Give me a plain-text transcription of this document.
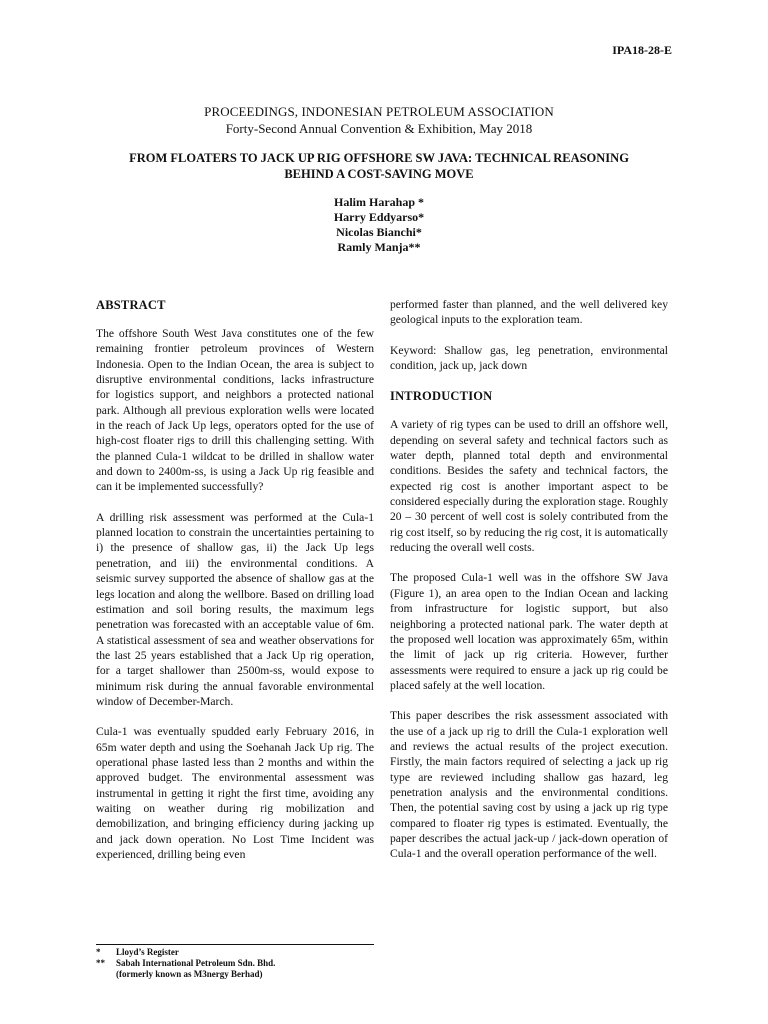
IPA18-28-E
PROCEEDINGS, INDONESIAN PETROLEUM ASSOCIATION
Forty-Second Annual Convention & Exhibition, May 2018
FROM FLOATERS TO JACK UP RIG OFFSHORE SW JAVA: TECHNICAL REASONING
BEHIND A COST-SAVING MOVE
Halim Harahap *
Harry Eddyarso*
Nicolas Bianchi*
Ramly Manja**
ABSTRACT

The offshore South West Java constitutes one of the few remaining frontier petroleum provinces of Western Indonesia. Open to the Indian Ocean, the area is subject to disruptive environmental conditions, lacks infrastructure for logistics support, and neighbors a protected national park. Although all previous exploration wells were located in the reach of Jack Up legs, operators opted for the use of high-cost floater rigs to drill this challenging setting. With the planned Cula-1 wildcat to be drilled in shallow water and down to 2400m-ss, is using a Jack Up rig feasible and can it be implemented successfully?

A drilling risk assessment was performed at the Cula-1 planned location to constrain the uncertainties pertaining to i) the presence of shallow gas, ii) the Jack Up legs penetration, and iii) the environmental conditions. A seismic survey supported the absence of shallow gas at the legs location and along the wellbore. Based on drilling load estimation and soil boring results, the maximum legs penetration was forecasted with an acceptable value of 6m. A statistical assessment of sea and weather observations for the last 25 years established that a Jack Up rig operation, for a target shallower than 2500m-ss, would expose to minimum risk during the annual favorable environmental window of December-March.

Cula-1 was eventually spudded early February 2016, in 65m water depth and using the Soehanah Jack Up rig. The operational phase lasted less than 2 months and within the approved budget. The environmental assessment was instrumental in getting it right the first time, avoiding any waiting on weather during rig mobilization and demobilization, and bringing efficiency during jacking up and jack down operation. No Lost Time Incident was experienced, drilling being even

performed faster than planned, and the well delivered key geological inputs to the exploration team.

Keyword: Shallow gas, leg penetration, environmental condition, jack up, jack down

INTRODUCTION

A variety of rig types can be used to drill an offshore well, depending on several safety and technical factors such as water depth, planned total depth and environmental conditions. Besides the safety and technical factors, the expected rig cost is another important aspect to be considered especially during the exploration stage. Roughly 20 – 30 percent of well cost is solely contributed from the rig cost itself, so by reducing the rig cost, it is automatically reducing the overall well costs.

The proposed Cula-1 well was in the offshore SW Java (Figure 1), an area open to the Indian Ocean and lacking from infrastructure for logistic support, but also neighboring a protected national park. The water depth at the proposed well location was approximately 65m, within the limit of jack up rig criteria. However, further assessments were required to ensure a jack up rig could be placed safely at the well location.

This paper describes the risk assessment associated with the use of a jack up rig to drill the Cula-1 exploration well and reviews the actual results of the project execution. Firstly, the main factors required of selecting a jack up rig type are reviewed including shallow gas hazard, leg penetration analysis and the environmental conditions. Then, the potential saving cost by using a jack up rig type compared to floater rig types is estimated. Eventually, the paper describes the actual jack-up / jack-down operation of Cula-1 and the overall operation performance of the well.

*	Lloyd’s Register
**	Sabah International Petroleum Sdn. Bhd.
(formerly known as M3nergy Berhad)
